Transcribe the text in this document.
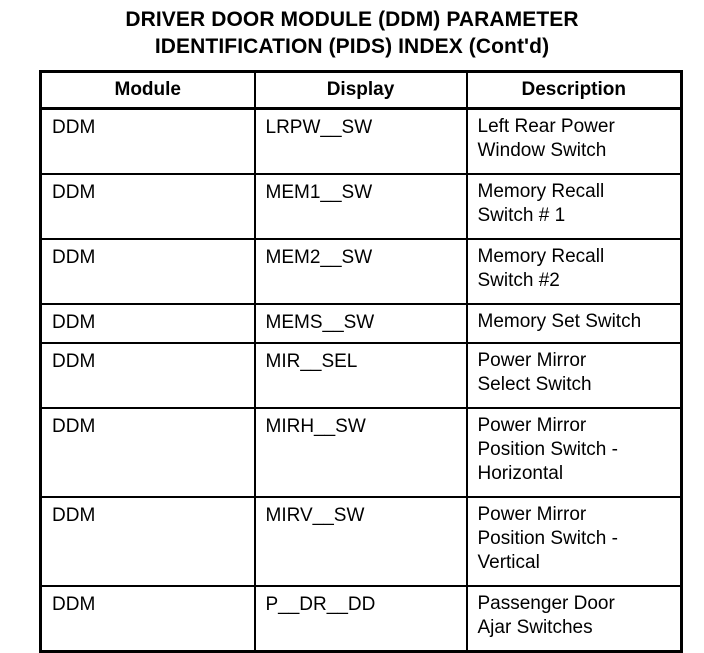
DRIVER DOOR MODULE (DDM) PARAMETER
IDENTIFICATION (PIDS) INDEX (Cont'd)
Module	Display	Description
DDM	LRPW__SW	Left Rear Power
Window Switch

DDM	MEM1__SW	Memory Recall
Switch # 1

DDM	MEM2__SW	Memory Recall
Switch #2

DDM	MEMS__SW	Memory Set Switch

DDM	MIR__SEL	Power Mirror
Select Switch

DDM	MIRH__SW	Power Mirror
Position Switch -
Horizontal

DDM	MIRV__SW	Power Mirror
Position Switch -
Vertical

DDM	P__DR__DD	Passenger Door
Ajar Switches
